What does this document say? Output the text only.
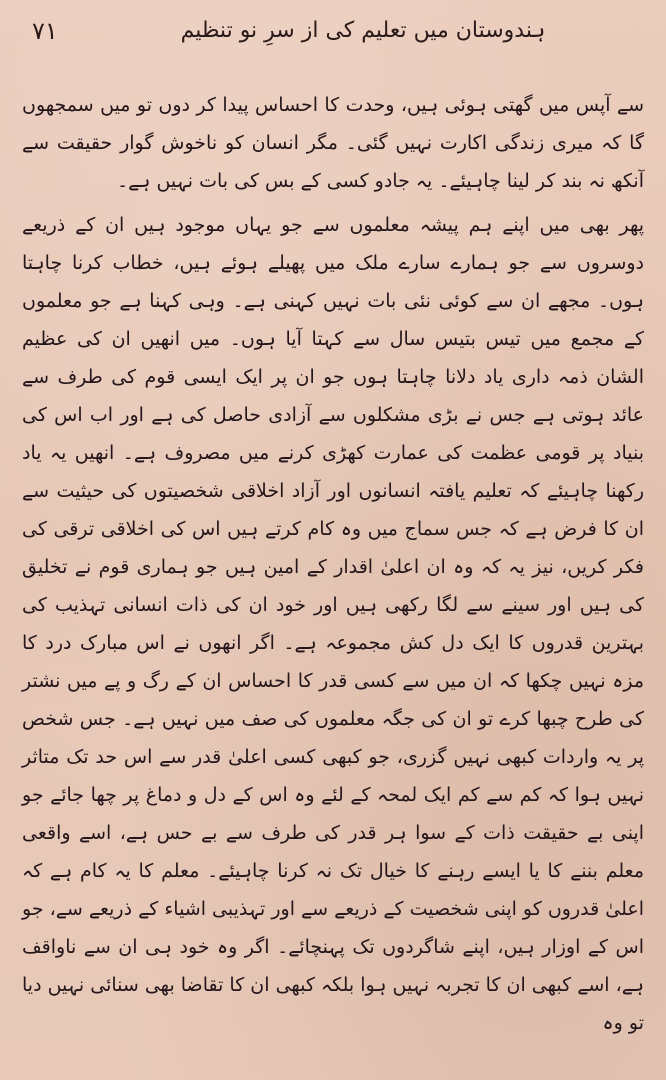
۷۱	ہندوستان میں تعلیم کی از سرِ نو تنظیم

سے آپس میں گھتی ہوئی ہیں، وحدت کا احساس پیدا کر دوں تو میں سمجھوں گا کہ میری زندگی اکارت نہیں گئی۔ مگر انسان کو ناخوش گوار حقیقت سے آنکھ نہ بند کر لینا چاہیئے۔ یہ جادو کسی کے بس کی بات نہیں ہے۔

پھر بھی میں اپنے ہم پیشہ معلموں سے جو یہاں موجود ہیں ان کے ذریعے دوسروں سے جو ہمارے سارے ملک میں پھیلے ہوئے ہیں، خطاب کرنا چاہتا ہوں۔ مجھے ان سے کوئی نئی بات نہیں کہنی ہے۔ وہی کہنا ہے جو معلموں کے مجمع میں تیس بتیس سال سے کہتا آیا ہوں۔ میں انھیں ان کی عظیم الشان ذمہ داری یاد دلانا چاہتا ہوں جو ان پر ایک ایسی قوم کی طرف سے عائد ہوتی ہے جس نے بڑی مشکلوں سے آزادی حاصل کی ہے اور اب اس کی بنیاد پر قومی عظمت کی عمارت کھڑی کرنے میں مصروف ہے۔ انھیں یہ یاد رکھنا چاہیئے کہ تعلیم یافتہ انسانوں اور آزاد اخلاقی شخصیتوں کی حیثیت سے ان کا فرض ہے کہ جس سماج میں وہ کام کرتے ہیں اس کی اخلاقی ترقی کی فکر کریں، نیز یہ کہ وہ ان اعلیٰ اقدار کے امین ہیں جو ہماری قوم نے تخلیق کی ہیں اور سینے سے لگا رکھی ہیں اور خود ان کی ذات انسانی تہذیب کی بہترین قدروں کا ایک دل کش مجموعہ ہے۔ اگر انھوں نے اس مبارک درد کا مزہ نہیں چکھا کہ ان میں سے کسی قدر کا احساس ان کے رگ و پے میں نشتر کی طرح چبھا کرے تو ان کی جگہ معلموں کی صف میں نہیں ہے۔ جس شخص پر یہ واردات کبھی نہیں گزری، جو کبھی کسی اعلیٰ قدر سے اس حد تک متاثر نہیں ہوا کہ کم سے کم ایک لمحہ کے لئے وہ اس کے دل و دماغ پر چھا جائے جو اپنی بے حقیقت ذات کے سوا ہر قدر کی طرف سے بے حس ہے، اسے واقعی معلم بننے کا یا ایسے رہنے کا خیال تک نہ کرنا چاہیئے۔ معلم کا یہ کام ہے کہ اعلیٰ قدروں کو اپنی شخصیت کے ذریعے سے اور تہذیبی اشیاء کے ذریعے سے، جو اس کے اوزار ہیں، اپنے شاگردوں تک پہنچائے۔ اگر وہ خود ہی ان سے ناواقف ہے، اسے کبھی ان کا تجربہ نہیں ہوا بلکہ کبھی ان کا تقاضا بھی سنائی نہیں دیا تو وہ
